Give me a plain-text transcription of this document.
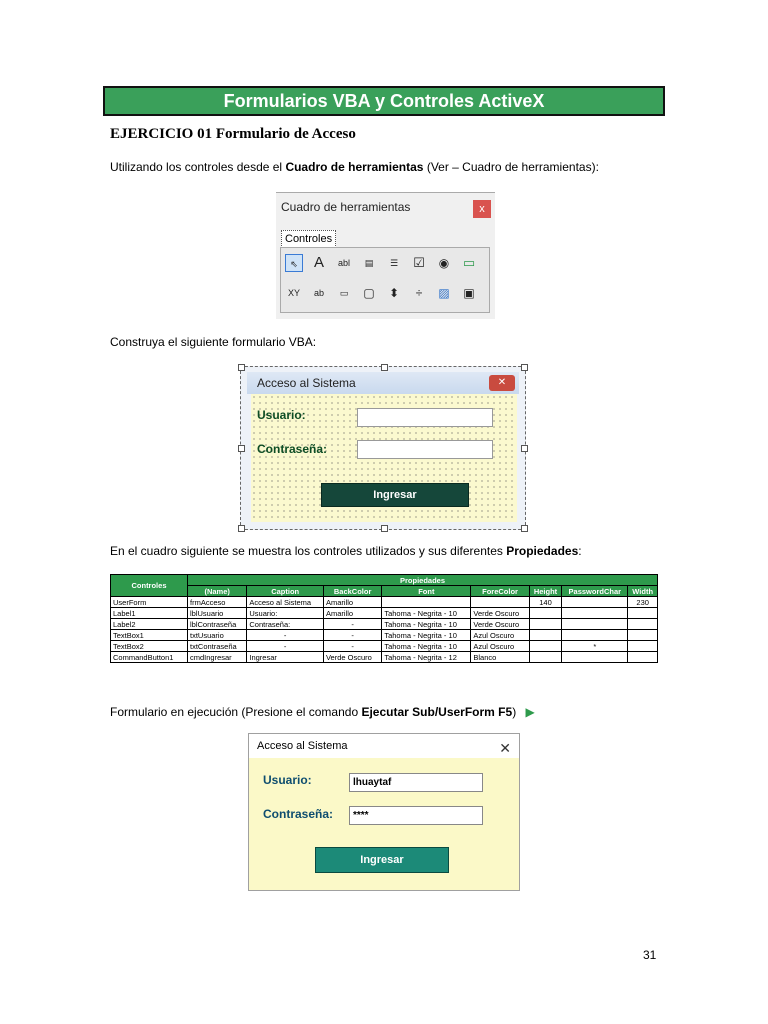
Formularios VBA y Controles ActiveX
EJERCICIO 01 Formulario de Acceso
Utilizando los controles desde el Cuadro de herramientas (Ver – Cuadro de herramientas):
Cuadro de herramientas	x
Controles
⇖	A	abl	▤	☰	☑	◉ ▭
XY	ab	▭	▢	⬍	÷	▨ ▣
Construya el siguiente formulario VBA:
Acceso al Sistema	✕
Usuario:
Contraseña:
Ingresar
En el cuadro siguiente se muestra los controles utilizados y sus diferentes Propiedades:
Controles	Propiedades							
	(Name)	Caption	BackColor	Font	ForeColor	Height	PasswordChar	Width
UserForm	frmAcceso	Acceso al Sistema	Amarillo			140		230
Label1	lblUsuario	Usuario:	Amarillo	Tahoma - Negrita - 10	Verde Oscuro			
Label2	lblContraseña	Contraseña:	-	Tahoma - Negrita - 10	Verde Oscuro			
TextBox1	txtUsuario	-	-	Tahoma - Negrita - 10	Azul Oscuro			
TextBox2	txtContraseña	-	-	Tahoma - Negrita - 10	Azul Oscuro		*	
CommandButton1	cmdIngresar	Ingresar	Verde Oscuro	Tahoma - Negrita - 12	Blanco			
Formulario en ejecución (Presione el comando Ejecutar Sub/UserForm F5) ▶
Acceso al Sistema	✕
Usuario:	lhuaytaf
Contraseña:	****
Ingresar
31
